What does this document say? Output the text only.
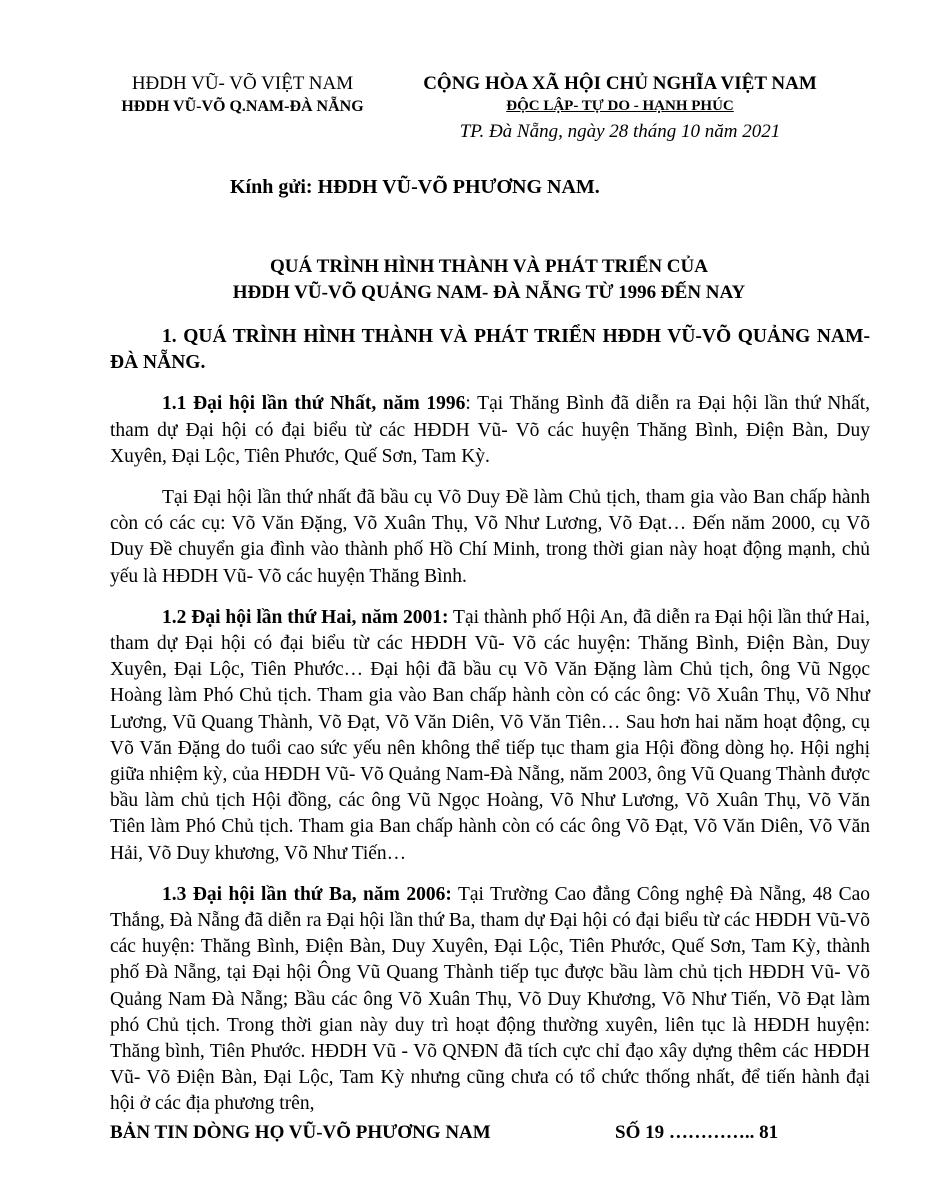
HĐDH VŨ- VÕ VIỆT NAM
HĐDH VŨ-VÕ Q.NAM-ĐÀ NẴNG
CỘNG HÒA XÃ HỘI CHỦ NGHĨA VIỆT NAM
ĐỘC LẬP- TỰ DO - HẠNH PHÚC
TP. Đà Nẵng, ngày 28 tháng 10 năm 2021
Kính gửi: HĐDH VŨ-VÕ PHƯƠNG NAM.
QUÁ TRÌNH HÌNH THÀNH VÀ PHÁT TRIỂN CỦA
HĐDH VŨ-VÕ QUẢNG NAM- ĐÀ NẴNG TỪ 1996 ĐẾN NAY

1. QUÁ TRÌNH HÌNH THÀNH VÀ PHÁT TRIỂN HĐDH VŨ-VÕ QUẢNG NAM-ĐÀ NẴNG.

1.1 Đại hội lần thứ Nhất, năm 1996: Tại Thăng Bình đã diễn ra Đại hội lần thứ Nhất, tham dự Đại hội có đại biểu từ các HĐDH Vũ- Võ các huyện Thăng Bình, Điện Bàn, Duy Xuyên, Đại Lộc, Tiên Phước, Quế Sơn, Tam Kỳ.

Tại Đại hội lần thứ nhất đã bầu cụ Võ Duy Đề làm Chủ tịch, tham gia vào Ban chấp hành còn có các cụ: Võ Văn Đặng, Võ Xuân Thụ, Võ Như Lương, Võ Đạt… Đến năm 2000, cụ Võ Duy Đề chuyển gia đình vào thành phố Hồ Chí Minh, trong thời gian này hoạt động mạnh, chủ yếu là HĐDH Vũ- Võ các huyện Thăng Bình.

1.2 Đại hội lần thứ Hai, năm 2001: Tại thành phố Hội An, đã diễn ra Đại hội lần thứ Hai, tham dự Đại hội có đại biểu từ các HĐDH Vũ- Võ các huyện: Thăng Bình, Điện Bàn, Duy Xuyên, Đại Lộc, Tiên Phước… Đại hội đã bầu cụ Võ Văn Đặng làm Chủ tịch, ông Vũ Ngọc Hoàng làm Phó Chủ tịch. Tham gia vào Ban chấp hành còn có các ông: Võ Xuân Thụ, Võ Như Lương, Vũ Quang Thành, Võ Đạt, Võ Văn Diên, Võ Văn Tiên… Sau hơn hai năm hoạt động, cụ Võ Văn Đặng do tuổi cao sức yếu nên không thể tiếp tục tham gia Hội đồng dòng họ. Hội nghị giữa nhiệm kỳ, của HĐDH Vũ- Võ Quảng Nam-Đà Nẵng, năm 2003, ông Vũ Quang Thành được bầu làm chủ tịch Hội đồng, các ông Vũ Ngọc Hoàng, Võ Như Lương, Võ Xuân Thụ, Võ Văn Tiên làm Phó Chủ tịch. Tham gia Ban chấp hành còn có các ông Võ Đạt, Võ Văn Diên, Võ Văn Hải, Võ Duy khương, Võ Như Tiến…

1.3 Đại hội lần thứ Ba, năm 2006: Tại Trường Cao đẳng Công nghệ Đà Nẵng, 48 Cao Thắng, Đà Nẵng đã diễn ra Đại hội lần thứ Ba, tham dự Đại hội có đại biểu từ các HĐDH Vũ-Võ các huyện: Thăng Bình, Điện Bàn, Duy Xuyên, Đại Lộc, Tiên Phước, Quế Sơn, Tam Kỳ, thành phố Đà Nẵng, tại Đại hội Ông Vũ Quang Thành tiếp tục được bầu làm chủ tịch HĐDH Vũ- Võ Quảng Nam Đà Nẵng; Bầu các ông Võ Xuân Thụ, Võ Duy Khương, Võ Như Tiến, Võ Đạt làm phó Chủ tịch. Trong thời gian này duy trì hoạt động thường xuyên, liên tục là HĐDH huyện: Thăng bình, Tiên Phước. HĐDH Vũ - Võ QNĐN đã tích cực chỉ đạo xây dựng thêm các HĐDH Vũ- Võ Điện Bàn, Đại Lộc, Tam Kỳ nhưng cũng chưa có tổ chức thống nhất, để tiến hành đại hội ở các địa phương trên,

BẢN TIN DÒNG HỌ VŨ-VÕ PHƯƠNG NAM	SỐ 19 ………….. 81
